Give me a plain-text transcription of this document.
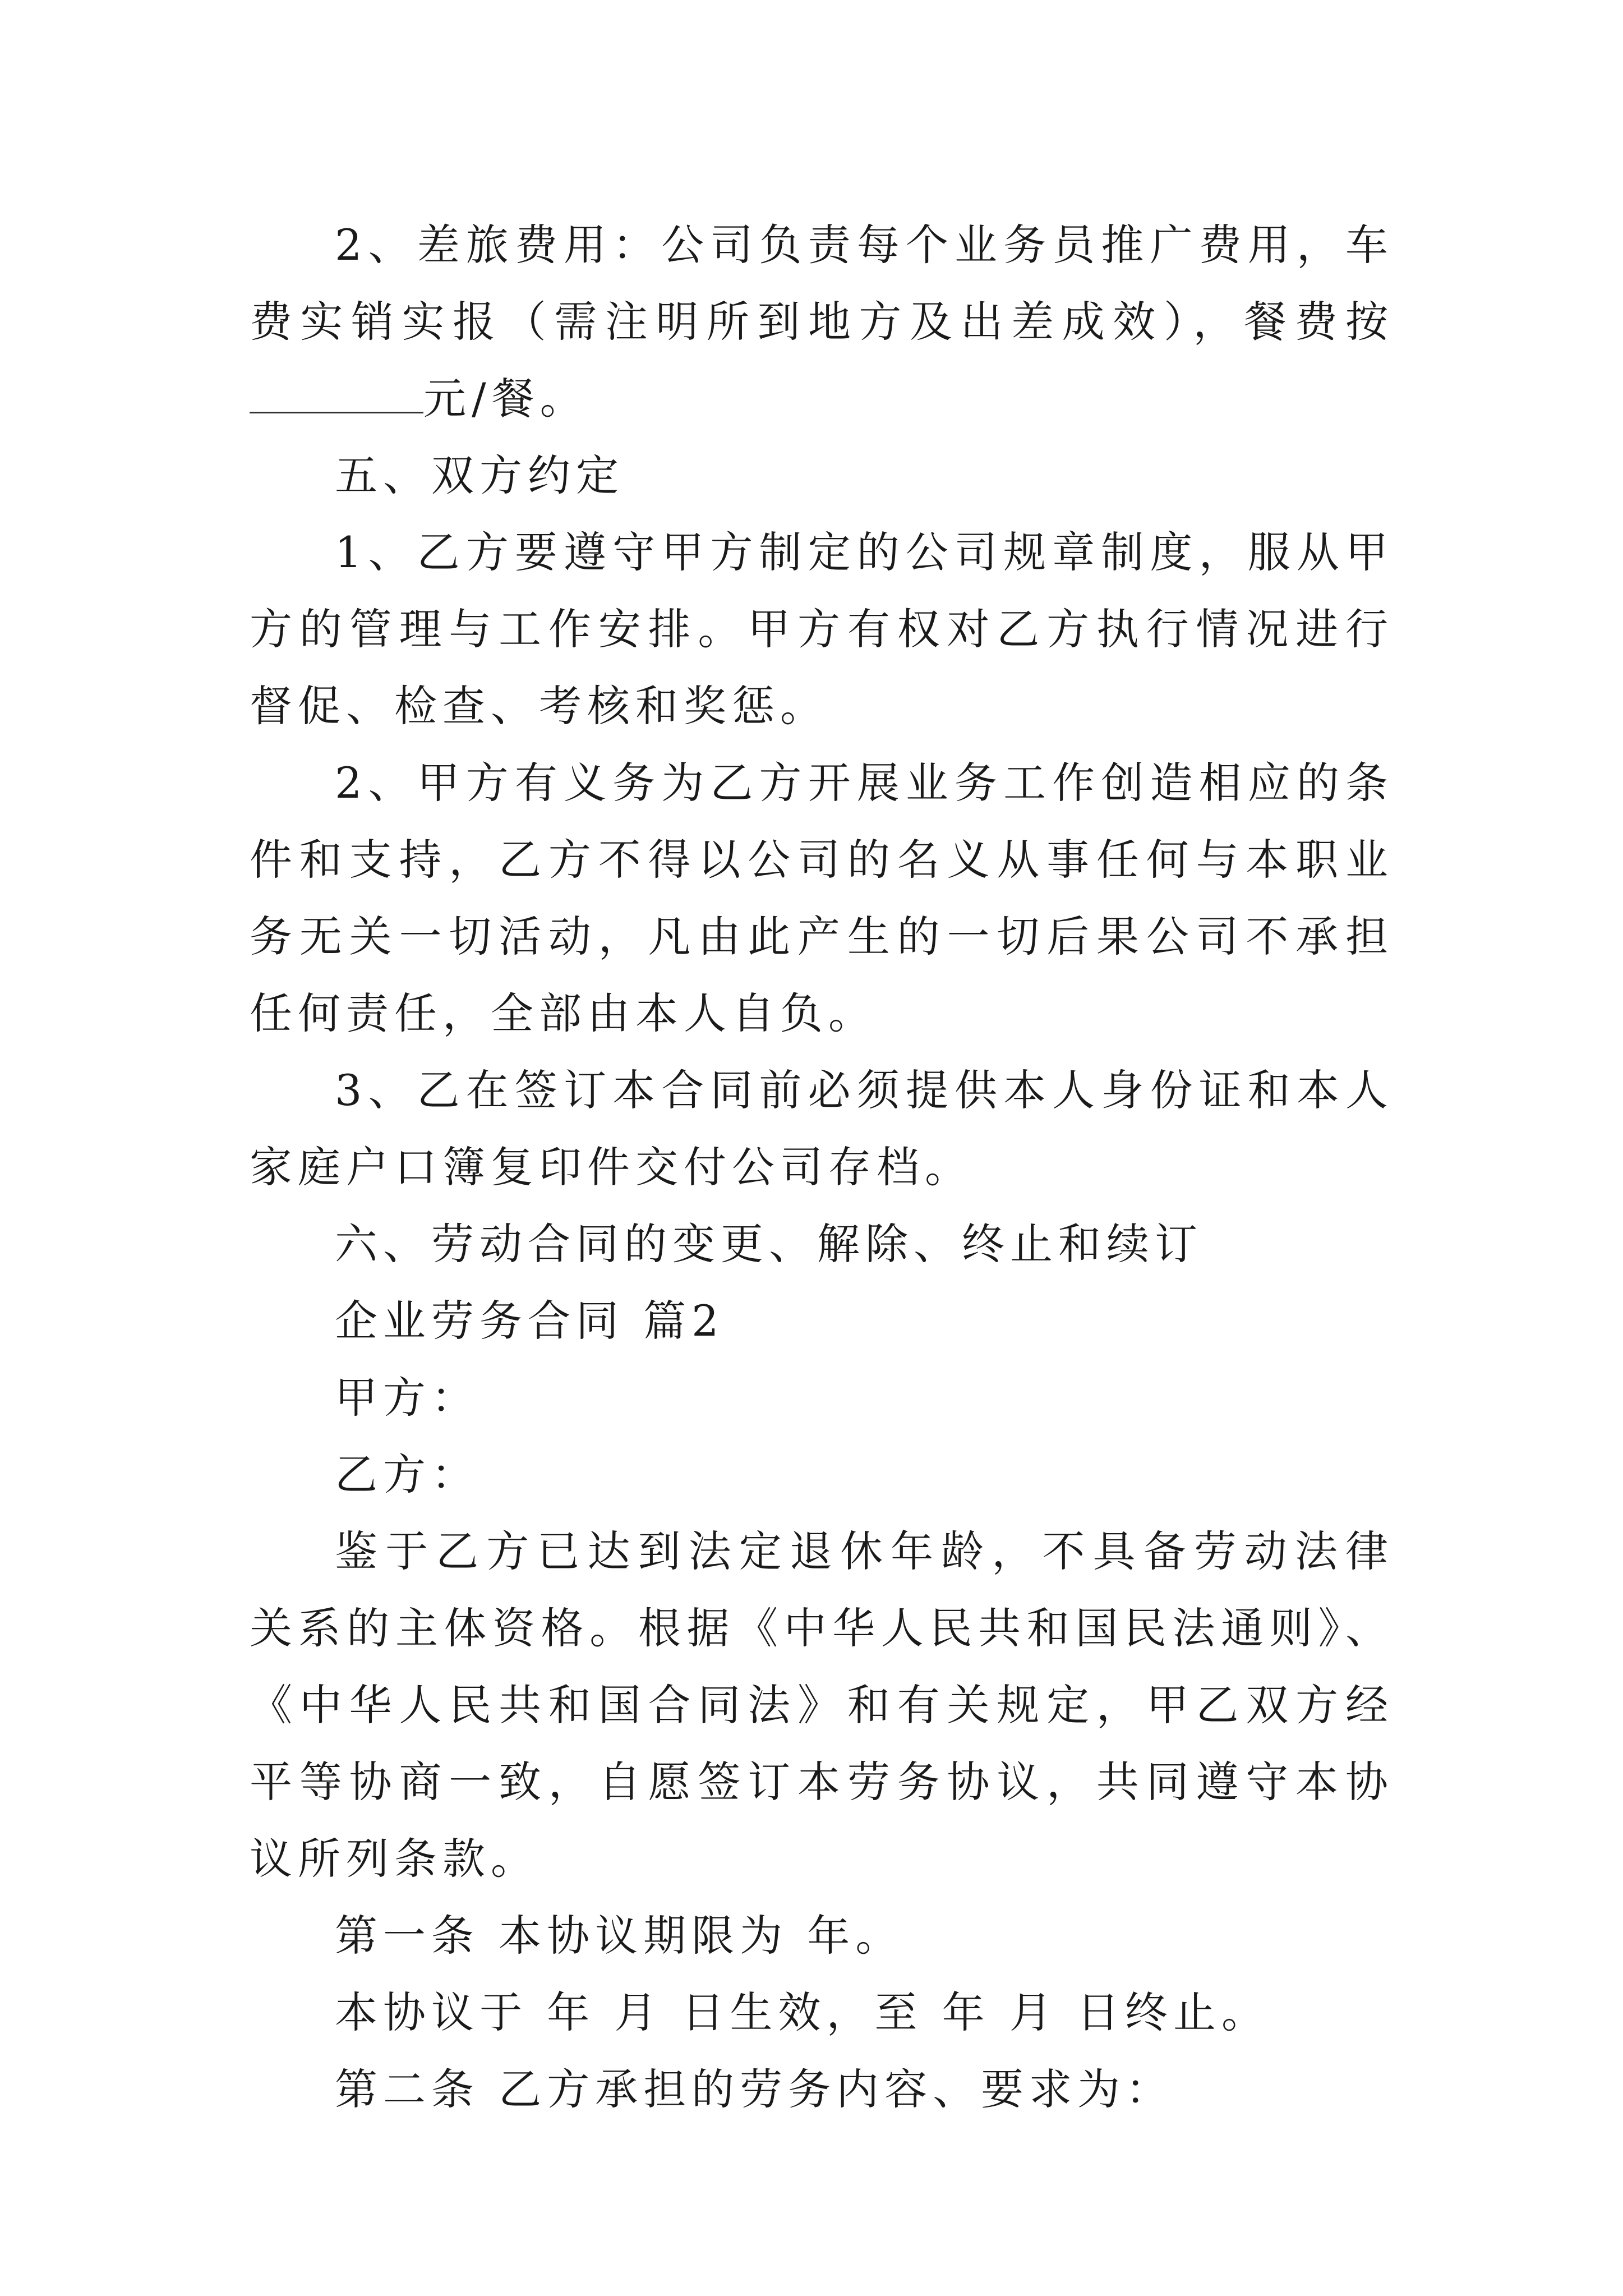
2、差旅费用：公司负责每个业务员推广费用，车费实销实报（需注明所到地方及出差成效），餐费按元/餐。

五、双方约定

1、乙方要遵守甲方制定的公司规章制度，服从甲方的管理与工作安排。甲方有权对乙方执行情况进行督促、检查、考核和奖惩。

2、甲方有义务为乙方开展业务工作创造相应的条件和支持，乙方不得以公司的名义从事任何与本职业务无关一切活动，凡由此产生的一切后果公司不承担任何责任，全部由本人自负。

3、乙在签订本合同前必须提供本人身份证和本人家庭户口簿复印件交付公司存档。

六、劳动合同的变更、解除、终止和续订

企业劳务合同 篇2

甲方：

乙方：

鉴于乙方已达到法定退休年龄，不具备劳动法律关系的主体资格。根据《中华人民共和国民法通则》、《中华人民共和国合同法》和有关规定，甲乙双方经平等协商一致，自愿签订本劳务协议，共同遵守本协议所列条款。

第一条 本协议期限为 年。

本协议于 年 月 日生效，至 年 月 日终止。

第二条 乙方承担的劳务内容、要求为：
